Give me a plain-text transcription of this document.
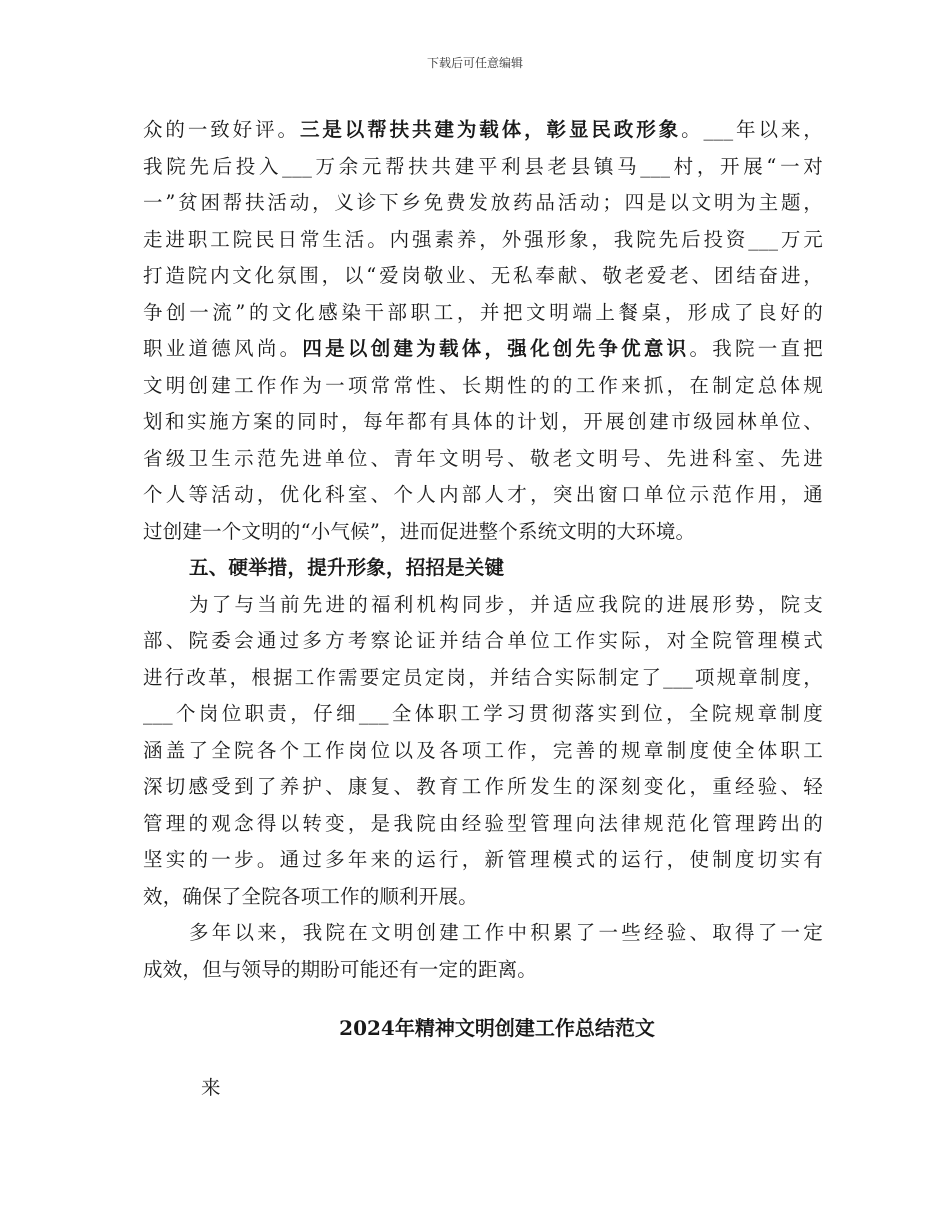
下载后可任意编辑
众的一致好评。三是以帮扶共建为载体，彰显民政形象。___年以来，
我院先后投入___万余元帮扶共建平利县老县镇马___村，开展“一对
一”贫困帮扶活动，义诊下乡免费发放药品活动；四是以文明为主题，
走进职工院民日常生活。内强素养，外强形象，我院先后投资___万元
打造院内文化氛围，以“爱岗敬业、无私奉献、敬老爱老、团结奋进，
争创一流”的文化感染干部职工，并把文明端上餐桌，形成了良好的
职业道德风尚。四是以创建为载体，强化创先争优意识。我院一直把
文明创建工作作为一项常常性、长期性的的工作来抓，在制定总体规
划和实施方案的同时，每年都有具体的计划，开展创建市级园林单位、
省级卫生示范先进单位、青年文明号、敬老文明号、先进科室、先进
个人等活动，优化科室、个人内部人才，突出窗口单位示范作用，通
过创建一个文明的“小气候”，进而促进整个系统文明的大环境。
五、硬举措，提升形象，招招是关键
为了与当前先进的福利机构同步，并适应我院的进展形势，院支
部、院委会通过多方考察论证并结合单位工作实际，对全院管理模式
进行改革，根据工作需要定员定岗，并结合实际制定了___项规章制度，
___个岗位职责，仔细___全体职工学习贯彻落实到位，全院规章制度
涵盖了全院各个工作岗位以及各项工作，完善的规章制度使全体职工
深切感受到了养护、康复、教育工作所发生的深刻变化，重经验、轻
管理的观念得以转变，是我院由经验型管理向法律规范化管理跨出的
坚实的一步。通过多年来的运行，新管理模式的运行，使制度切实有
效，确保了全院各项工作的顺利开展。
多年以来，我院在文明创建工作中积累了一些经验、取得了一定
成效，但与领导的期盼可能还有一定的距离。
2024年精神文明创建工作总结范文
来
